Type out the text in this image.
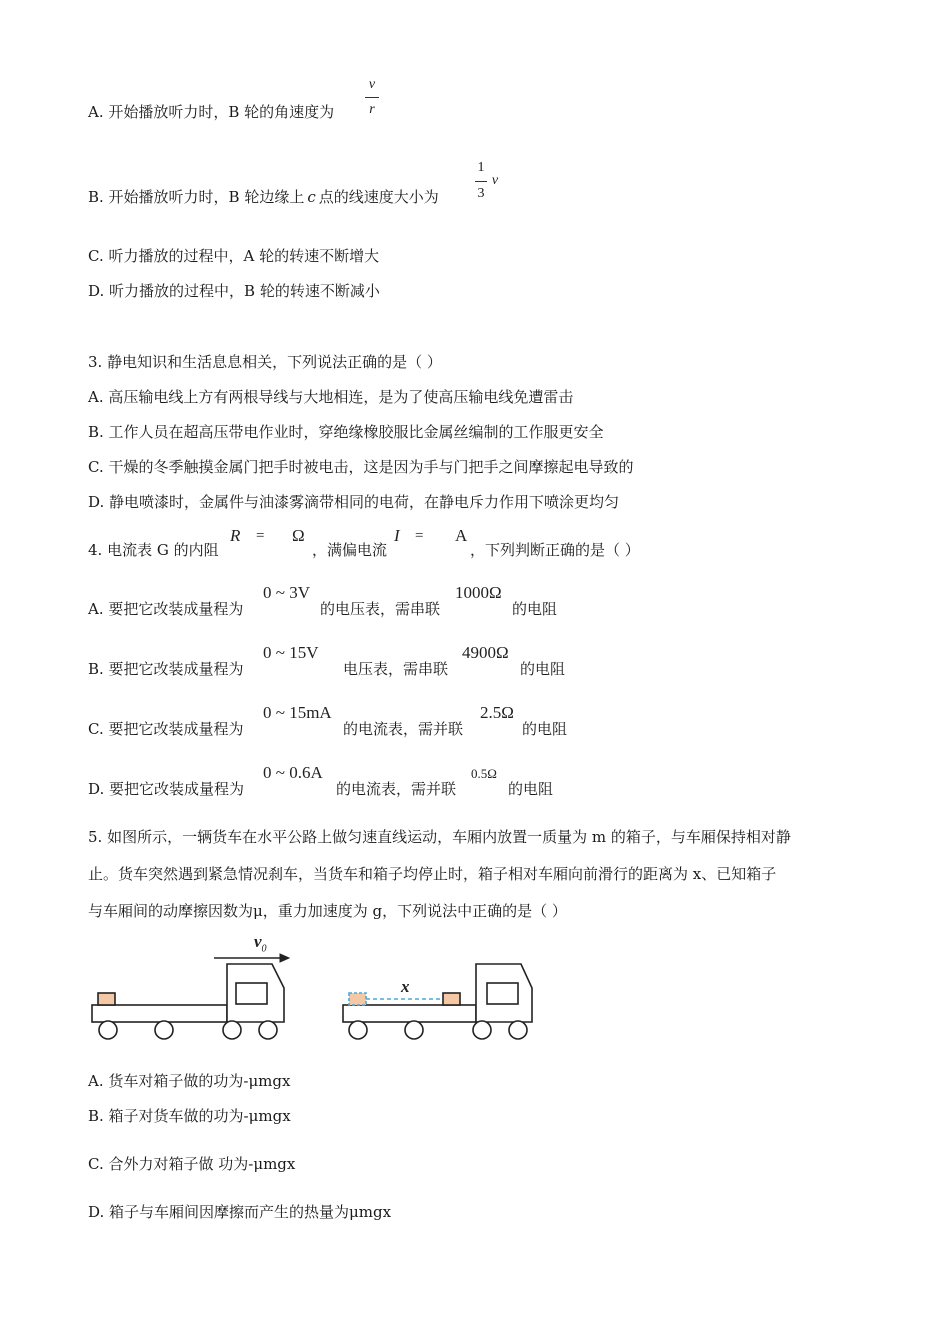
A. 开始播放听力时，B 轮的角速度为
v
r
B. 开始播放听力时，B 轮边缘上 c 点的线速度大小为
1
3
v
C. 听力播放的过程中，A 轮的转速不断增大
D. 听力播放的过程中，B 轮的转速不断减小
3. 静电知识和生活息息相关，下列说法正确的是（ ）
A. 高压输电线上方有两根导线与大地相连，是为了使高压输电线免遭雷击
B. 工作人员在超高压带电作业时，穿绝缘橡胶服比金属丝编制的工作服更安全
C. 干燥的冬季触摸金属门把手时被电击，这是因为手与门把手之间摩擦起电导致的
D. 静电喷漆时，金属件与油漆雾滴带相同的电荷，在静电斥力作用下喷涂更均匀
4. 电流表 G 的内阻
R = Ω
，满偏电流
I = A
，下列判断正确的是（ ）
A. 要把它改装成量程为
0 ~ 3V
的电压表，需串联
1000Ω
的电阻
B. 要把它改装成量程为
0 ~ 15V
电压表，需串联
4900Ω
的电阻
C. 要把它改装成量程为
0 ~ 15mA
的电流表，需并联
2.5Ω
的电阻
D. 要把它改装成量程为
0 ~ 0.6A
的电流表，需并联
0.5Ω
的电阻
5. 如图所示，一辆货车在水平公路上做匀速直线运动，车厢内放置一质量为 m 的箱子，与车厢保持相对静
止。货车突然遇到紧急情况刹车，当货车和箱子均停止时，箱子相对车厢向前滑行的距离为 x、已知箱子
与车厢间的动摩擦因数为μ，重力加速度为 g，下列说法中正确的是（ ）
$v_0$
x
A. 货车对箱子做的功为-μmgx
B. 箱子对货车做的功为-μmgx
C. 合外力对箱子做 功为-μmgx
D. 箱子与车厢间因摩擦而产生的热量为μmgx
